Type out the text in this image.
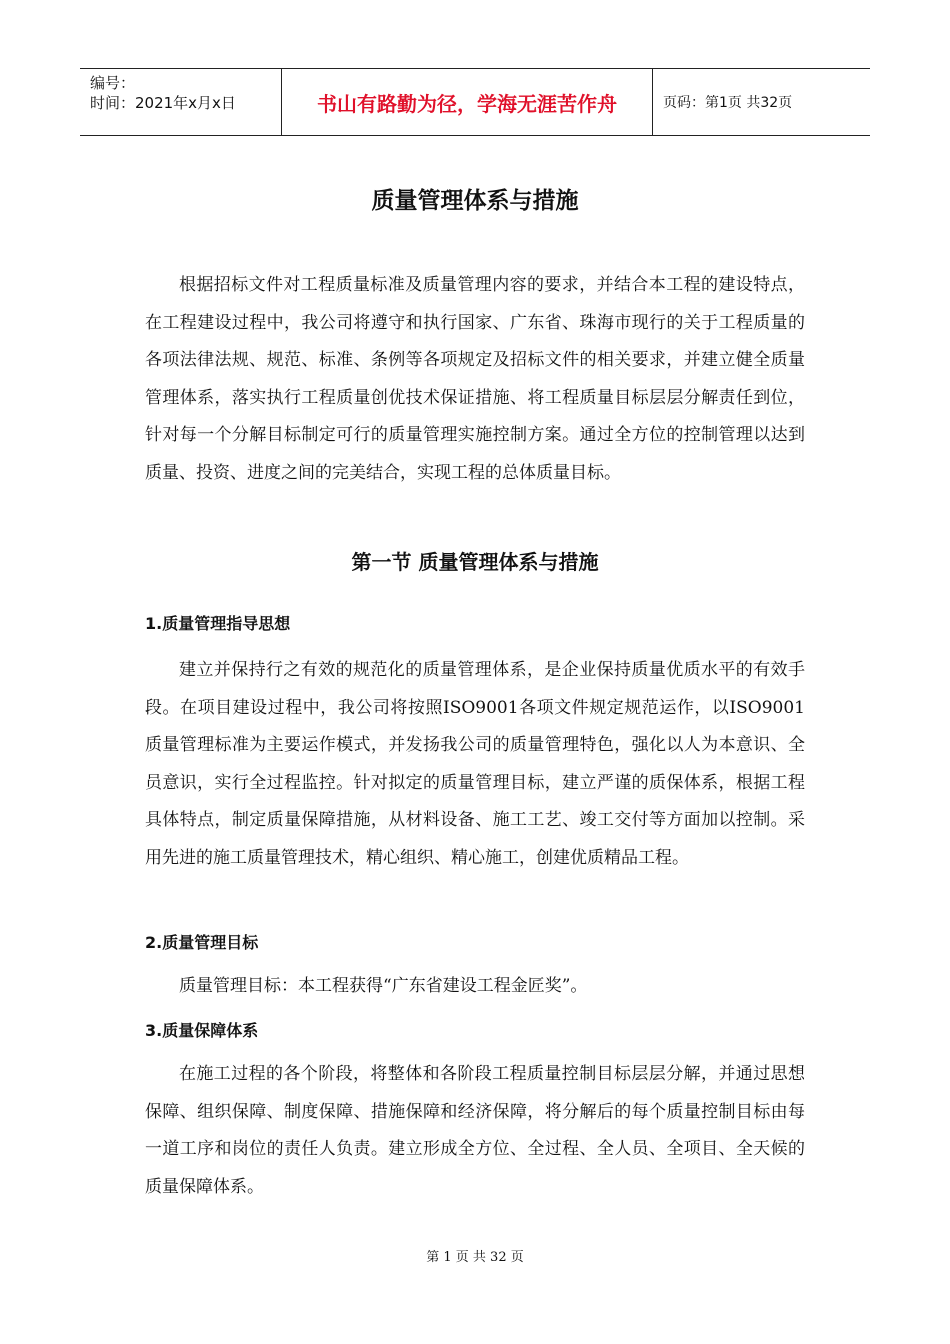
编号：
时间：2021年x月x日	书山有路勤为径，学海无涯苦作舟	页码：第1页 共32页
质量管理体系与措施

根据招标文件对工程质量标准及质量管理内容的要求，并结合本工程的建设特点，在工程建设过程中，我公司将遵守和执行国家、广东省、珠海市现行的关于工程质量的各项法律法规、规范、标准、条例等各项规定及招标文件的相关要求，并建立健全质量管理体系，落实执行工程质量创优技术保证措施、将工程质量目标层层分解责任到位，针对每一个分解目标制定可行的质量管理实施控制方案。通过全方位的控制管理以达到质量、投资、进度之间的完美结合，实现工程的总体质量目标。

第一节 质量管理体系与措施
1.质量管理指导思想

建立并保持行之有效的规范化的质量管理体系，是企业保持质量优质水平的有效手段。在项目建设过程中，我公司将按照ISO9001各项文件规定规范运作，以ISO9001质量管理标准为主要运作模式，并发扬我公司的质量管理特色，强化以人为本意识、全员意识，实行全过程监控。针对拟定的质量管理目标，建立严谨的质保体系，根据工程具体特点，制定质量保障措施，从材料设备、施工工艺、竣工交付等方面加以控制。采用先进的施工质量管理技术，精心组织、精心施工，创建优质精品工程。

2.质量管理目标

质量管理目标：本工程获得“广东省建设工程金匠奖”。

3.质量保障体系

在施工过程的各个阶段，将整体和各阶段工程质量控制目标层层分解，并通过思想保障、组织保障、制度保障、措施保障和经济保障，将分解后的每个质量控制目标由每一道工序和岗位的责任人负责。建立形成全方位、全过程、全人员、全项目、全天候的质量保障体系。

第 1 页 共 32 页
